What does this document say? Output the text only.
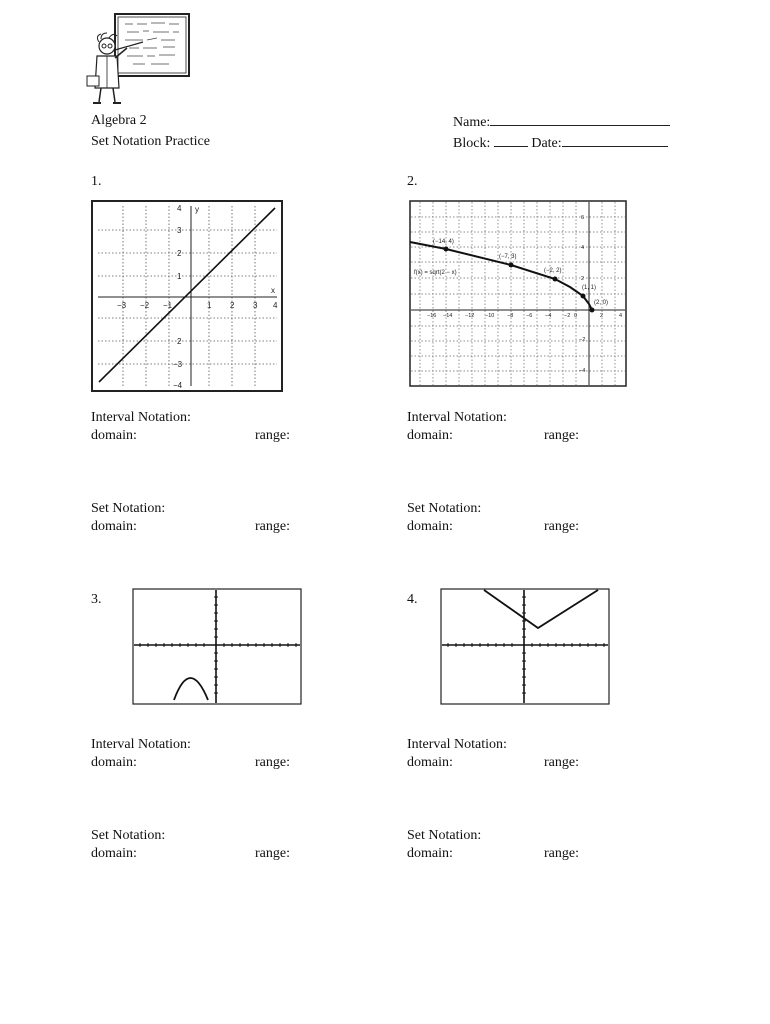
Algebra 2
Set Notation Practice
Name:
Block:	Date:
1.	2.
3.	4.
y
x
−3 −2 −1	1 2 3 4
4
3
2
1
2
−3
−4
f(x) = sqrt(2 − x)
(−14, 4)
(−7, 3)
(−2, 2)
(1, 1)
(2, 0)
−16 −14 −12 −10 −8 −6 −4 −2 0	2	4
6
4
2
−2
−4
Interval Notation:
domain:	range:
Set Notation:
domain:	range:
Interval Notation:
domain:	range:
Set Notation:
domain:	range:
Interval Notation:
domain:	range:
Set Notation:
domain:	range:
Interval Notation:
domain:	range:
Set Notation:
domain:	range:
